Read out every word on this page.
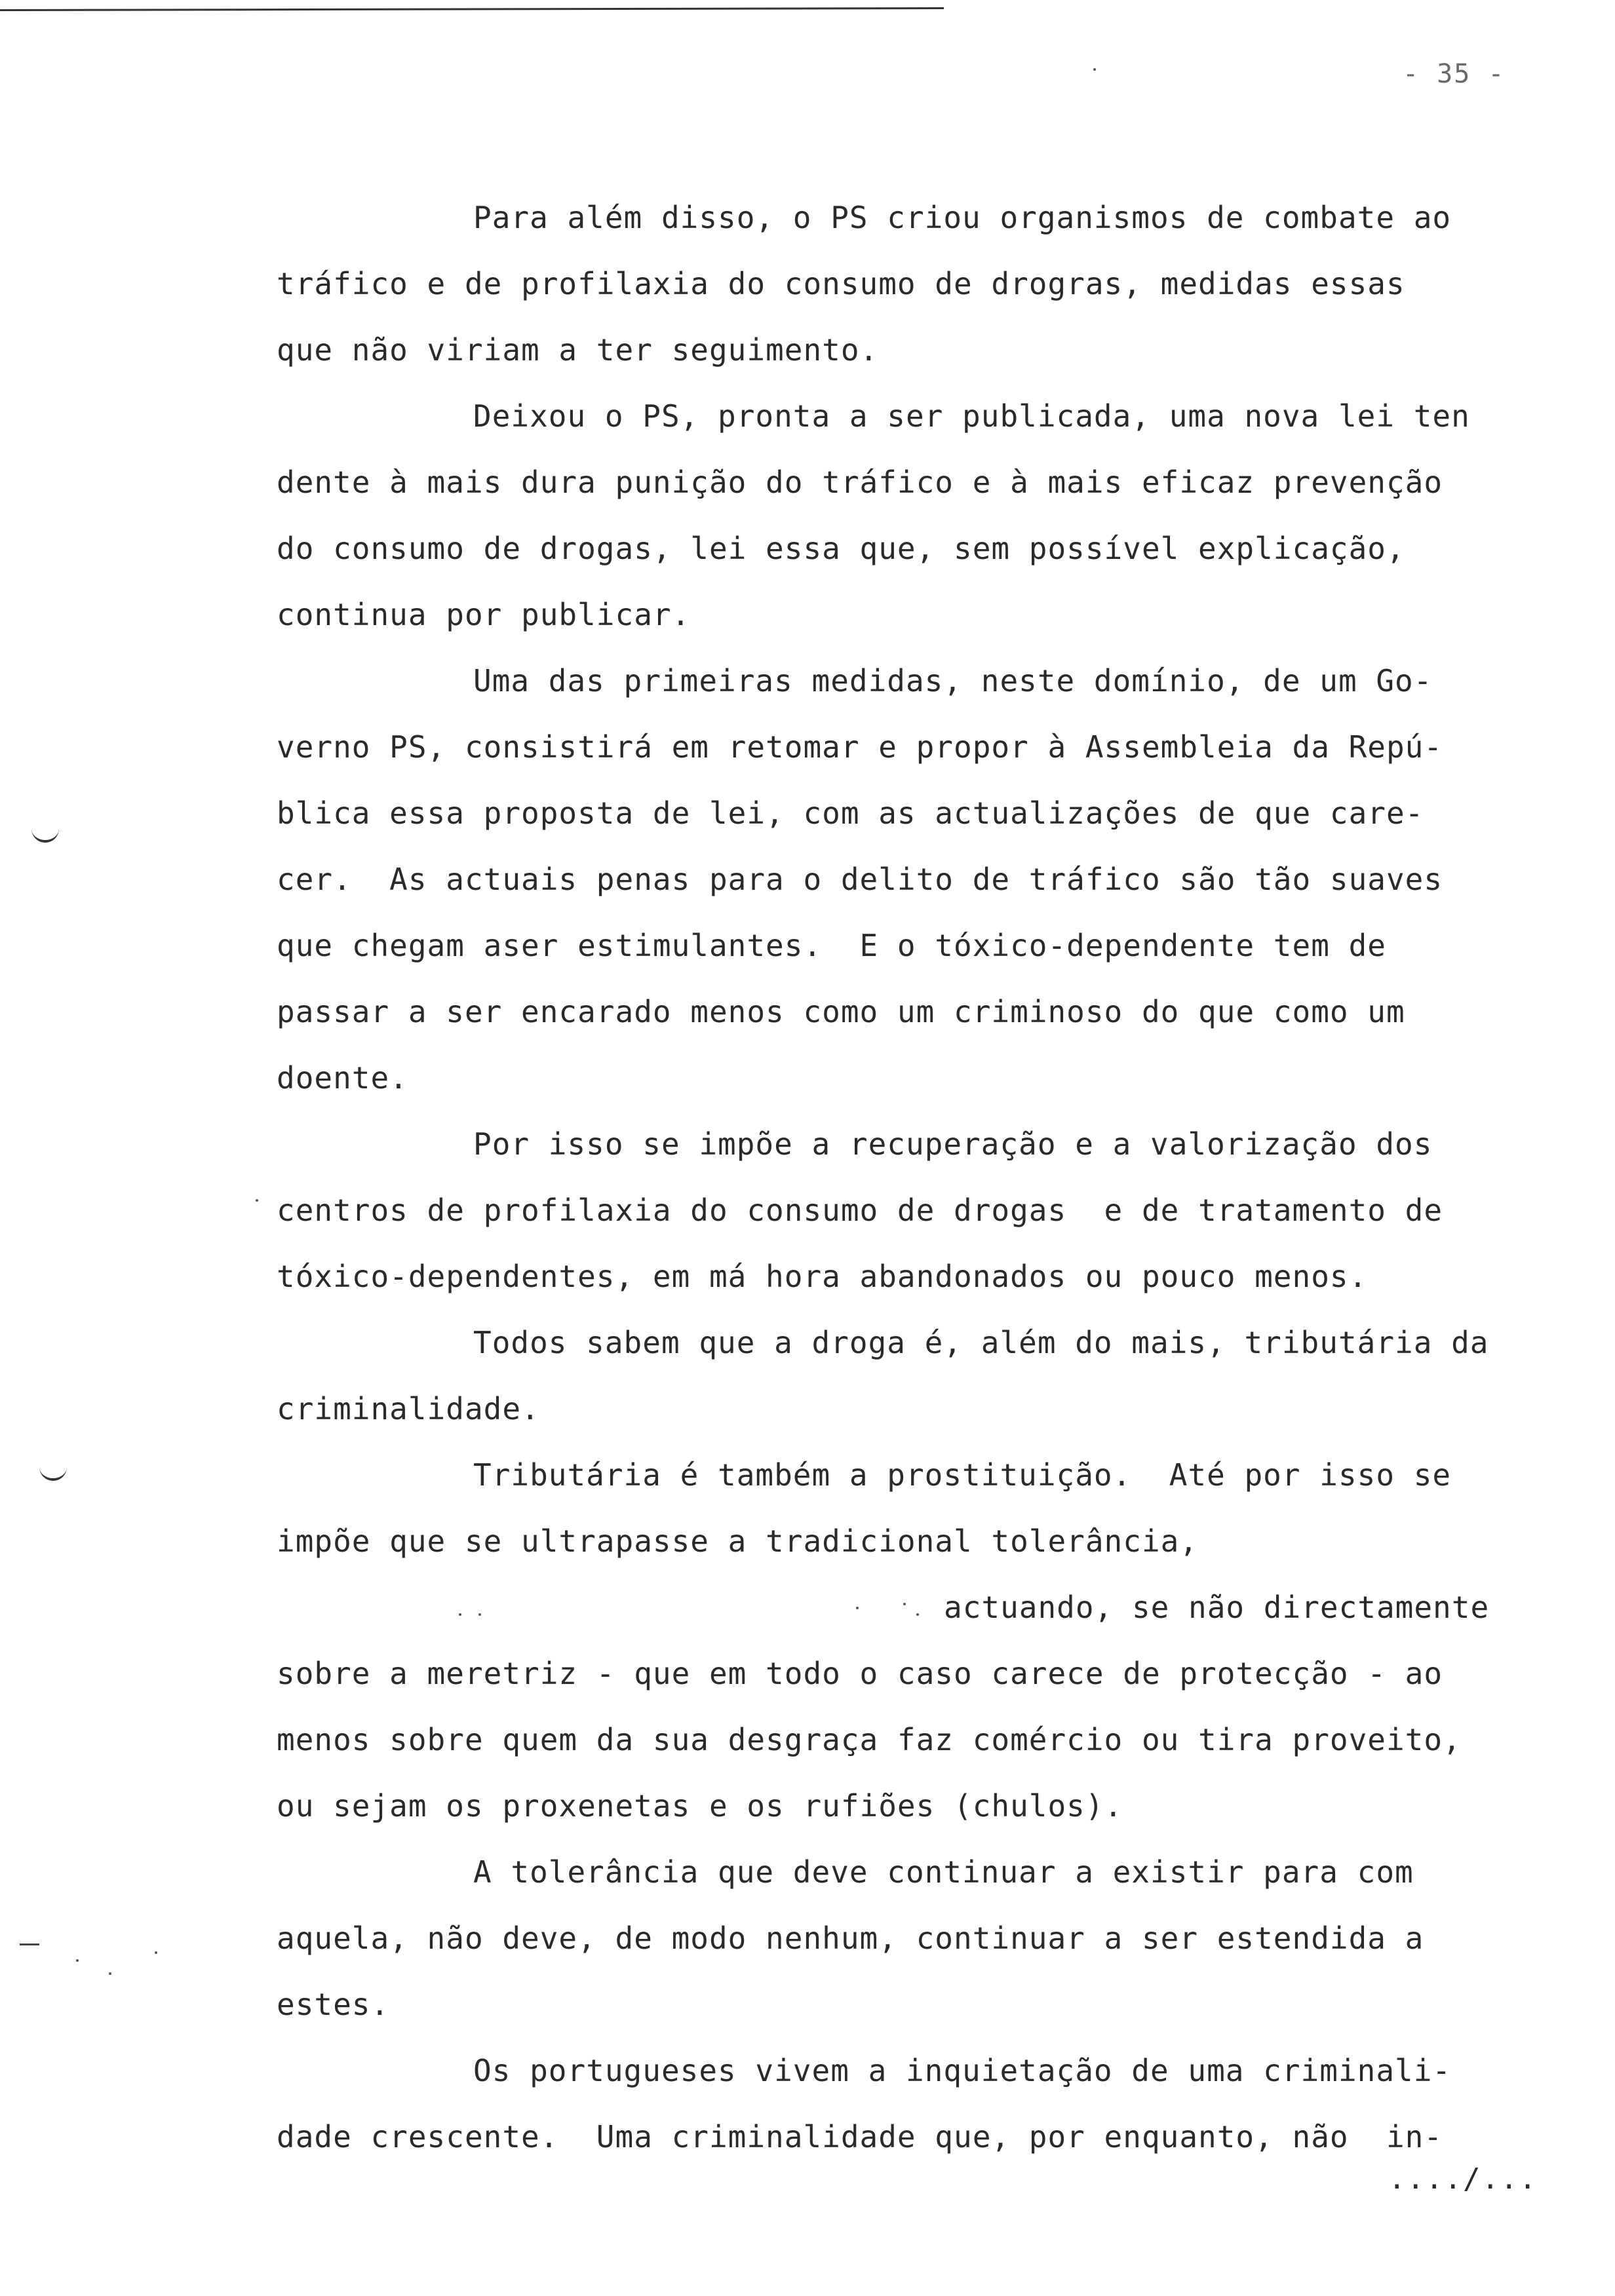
- 35 -
Para além disso, o PS criou organismos de combate ao
tráfico e de profilaxia do consumo de drogras, medidas essas
que não viriam a ter seguimento.
Deixou o PS, pronta a ser publicada, uma nova lei ten
dente à mais dura punição do tráfico e à mais eficaz prevenção
do consumo de drogas, lei essa que, sem possível explicação,
continua por publicar.
Uma das primeiras medidas, neste domínio, de um Go-
verno PS, consistirá em retomar e propor à Assembleia da Repú-
blica essa proposta de lei, com as actualizações de que care-
cer.  As actuais penas para o delito de tráfico são tão suaves
que chegam aser estimulantes.  E o tóxico-dependente tem de
passar a ser encarado menos como um criminoso do que como um
doente.
Por isso se impõe a recuperação e a valorização dos
centros de profilaxia do consumo de drogas  e de tratamento de
tóxico-dependentes, em má hora abandonados ou pouco menos.
Todos sabem que a droga é, além do mais, tributária da
criminalidade.
Tributária é também a prostituição.  Até por isso se
impõe que se ultrapasse a tradicional tolerância,
actuando, se não directamente
sobre a meretriz - que em todo o caso carece de protecção - ao
menos sobre quem da sua desgraça faz comércio ou tira proveito,
ou sejam os proxenetas e os rufiões (chulos).
A tolerância que deve continuar a existir para com
aquela, não deve, de modo nenhum, continuar a ser estendida a
estes.
Os portugueses vivem a inquietação de uma criminali-
dade crescente.  Uma criminalidade que, por enquanto, não  in-
..../...
